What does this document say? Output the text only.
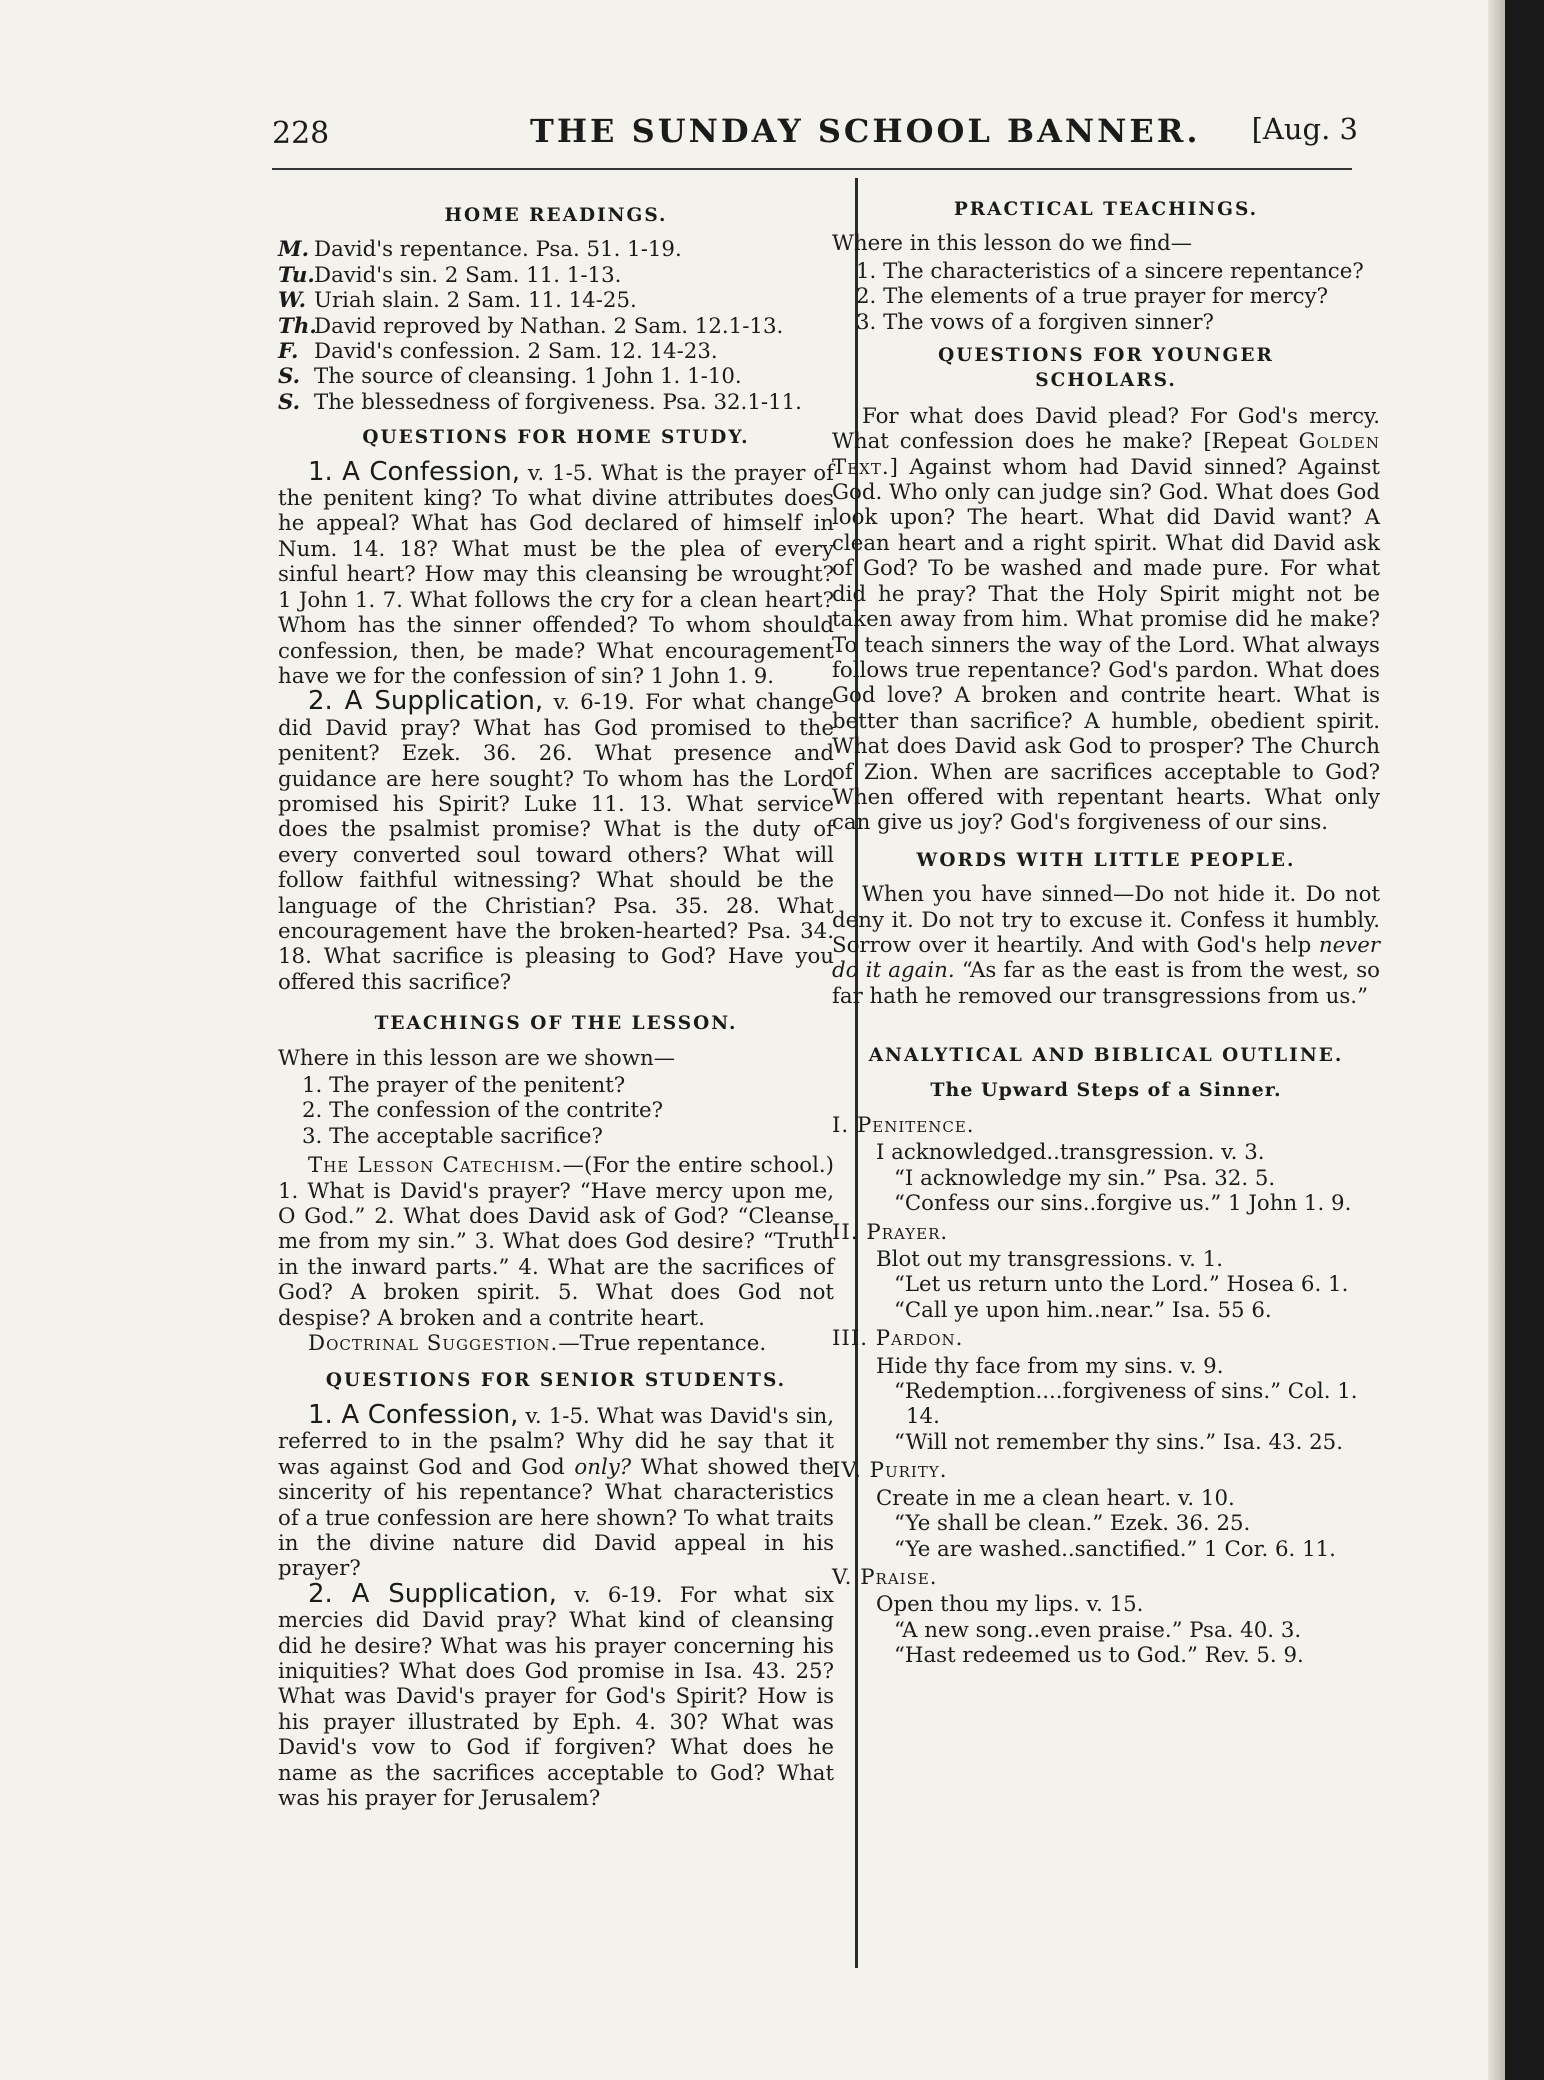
228	THE SUNDAY SCHOOL BANNER. [Aug. 3
HOME READINGS.
M. David's repentance. Psa. 51. 1-19.
Tu. David's sin. 2 Sam. 11. 1-13.
W. Uriah slain. 2 Sam. 11. 14-25.
Th.
David reproved by Nathan. 2 Sam. 12.1-13.
F. David's confession. 2 Sam. 12. 14-23.
S. The source of cleansing. 1 John 1. 1-10.
S. The blessedness of forgiveness. Psa. 32.1-11.
QUESTIONS FOR HOME STUDY.

1. A Confession, v. 1-5. What is the prayer of the penitent king? To what divine attributes does he appeal? What has God declared of himself in Num. 14. 18? What must be the plea of every sinful heart? How may this cleansing be wrought? 1 John 1. 7. What follows the cry for a clean heart? Whom has the sinner offended? To whom should confession, then, be made? What encouragement have we for the confession of sin? 1 John 1. 9.

2. A Supplication, v. 6-19. For what change did David pray? What has God promised to the penitent? Ezek. 36. 26. What presence and guidance are here sought? To whom has the Lord promised his Spirit? Luke 11. 13. What service does the psalmist promise? What is the duty of every converted soul toward others? What will follow faithful witnessing? What should be the language of the Christian? Psa. 35. 28. What encouragement have the broken-hearted? Psa. 34. 18. What sacrifice is pleasing to God? Have you offered this sacrifice?

TEACHINGS OF THE LESSON.

Where in this lesson are we shown—

1. The prayer of the penitent?
2. The confession of the contrite?
3. The acceptable sacrifice?

The Lesson Catechism.—(For the entire school.) 1. What is David's prayer? “Have mercy upon me, O God.” 2. What does David ask of God? “Cleanse me from my sin.” 3. What does God desire? “Truth in the inward parts.” 4. What are the sacrifices of God? A broken spirit. 5. What does God not despise? A broken and a contrite heart.

Doctrinal Suggestion.—True repentance.

QUESTIONS FOR SENIOR STUDENTS.

1. A Confession, v. 1-5. What was David's sin, referred to in the psalm? Why did he say that it was against God and God only? What showed the sincerity of his repentance? What characteristics of a true confession are here shown? To what traits in the divine nature did David appeal in his prayer?

2. A Supplication, v. 6-19. For what six mercies did David pray? What kind of cleansing did he desire? What was his prayer concerning his iniquities? What does God promise in Isa. 43. 25? What was David's prayer for God's Spirit? How is his prayer illustrated by Eph. 4. 30? What was David's vow to God if forgiven? What does he name as the sacrifices acceptable to God? What was his prayer for Jerusalem?

PRACTICAL TEACHINGS.

Where in this lesson do we find—

1. The characteristics of a sincere repentance?
2. The elements of a true prayer for mercy?
3. The vows of a forgiven sinner?
QUESTIONS FOR YOUNGER SCHOLARS.

For what does David plead? For God's mercy. What confession does he make? [Repeat Golden Text.] Against whom had David sinned? Against God. Who only can judge sin? God. What does God look upon? The heart. What did David want? A clean heart and a right spirit. What did David ask of God? To be washed and made pure. For what did he pray? That the Holy Spirit might not be taken away from him. What promise did he make? To teach sinners the way of the Lord. What always follows true repentance? God's pardon. What does God love? A broken and contrite heart. What is better than sacrifice? A humble, obedient spirit. What does David ask God to prosper? The Church of Zion. When are sacrifices acceptable to God? When offered with repentant hearts. What only can give us joy? God's forgiveness of our sins.

WORDS WITH LITTLE PEOPLE.

When you have sinned—Do not hide it. Do not deny it. Do not try to excuse it. Confess it humbly. Sorrow over it heartily. And with God's help never do it again. “As far as the east is from the west, so far hath he removed our transgressions from us.”

ANALYTICAL AND BIBLICAL OUTLINE.
The Upward Steps of a Sinner.
I. Penitence.
I acknowledged..transgression. v. 3.
“I acknowledge my sin.” Psa. 32. 5.
“Confess our sins..forgive us.” 1 John 1. 9.
II. Prayer.
Blot out my transgressions. v. 1.
“Let us return unto the Lord.” Hosea 6. 1.
“Call ye upon him..near.” Isa. 55 6.
III. Pardon.
Hide thy face from my sins. v. 9.
“Redemption....forgiveness of sins.” Col. 1. 14.
“Will not remember thy sins.” Isa. 43. 25.
IV. Purity.
Create in me a clean heart. v. 10.
“Ye shall be clean.” Ezek. 36. 25.
“Ye are washed..sanctified.” 1 Cor. 6. 11.
V. Praise.
Open thou my lips. v. 15.
“A new song..even praise.” Psa. 40. 3.
“Hast redeemed us to God.” Rev. 5. 9.
